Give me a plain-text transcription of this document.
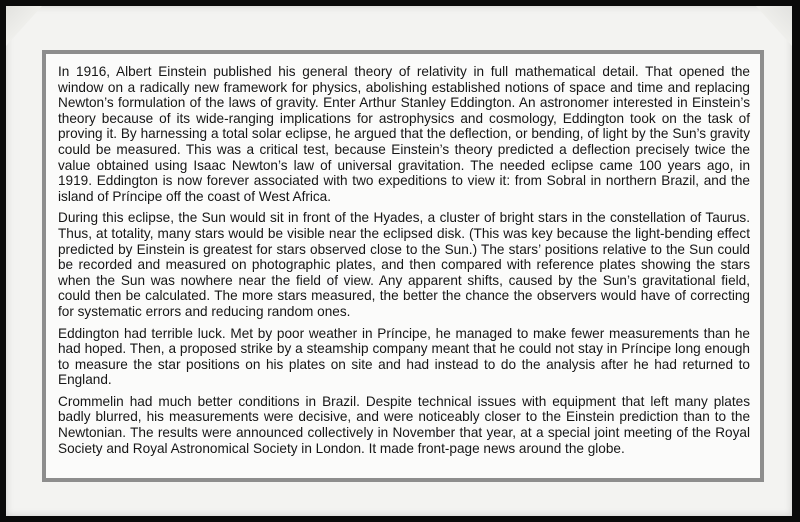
In 1916, Albert Einstein published his general theory of relativity in full mathematical detail. That opened the window on a radically new framework for physics, abolishing established notions of space and time and replacing Newton’s formulation of the laws of gravity. Enter Arthur Stanley Eddington. An astronomer interested in Einstein’s theory because of its wide-ranging implications for astrophysics and cosmology, Eddington took on the task of proving it. By harnessing a total solar eclipse, he argued that the deflection, or bending, of light by the Sun’s gravity could be measured. This was a critical test, because Einstein’s theory predicted a deflection precisely twice the value obtained using Isaac Newton’s law of universal gravitation. The needed eclipse came 100 years ago, in 1919. Eddington is now forever associated with two expeditions to view it: from Sobral in northern Brazil, and the island of Príncipe off the coast of West Africa.

During this eclipse, the Sun would sit in front of the Hyades, a cluster of bright stars in the constellation of Taurus. Thus, at totality, many stars would be visible near the eclipsed disk. (This was key because the light-bending effect predicted by Einstein is greatest for stars observed close to the Sun.) The stars’ positions relative to the Sun could be recorded and measured on photographic plates, and then compared with reference plates showing the stars when the Sun was nowhere near the field of view. Any apparent shifts, caused by the Sun’s gravitational field, could then be calculated. The more stars measured, the better the chance the observers would have of correcting for systematic errors and reducing random ones.

Eddington had terrible luck. Met by poor weather in Príncipe, he managed to make fewer measurements than he had hoped. Then, a proposed strike by a steamship company meant that he could not stay in Príncipe long enough to measure the star positions on his plates on site and had instead to do the analysis after he had returned to England.

Crommelin had much better conditions in Brazil. Despite technical issues with equipment that left many plates badly blurred, his measurements were decisive, and were noticeably closer to the Einstein prediction than to the Newtonian. The results were announced collectively in November that year, at a special joint meeting of the Royal Society and Royal Astronomical Society in London. It made front-page news around the globe.
